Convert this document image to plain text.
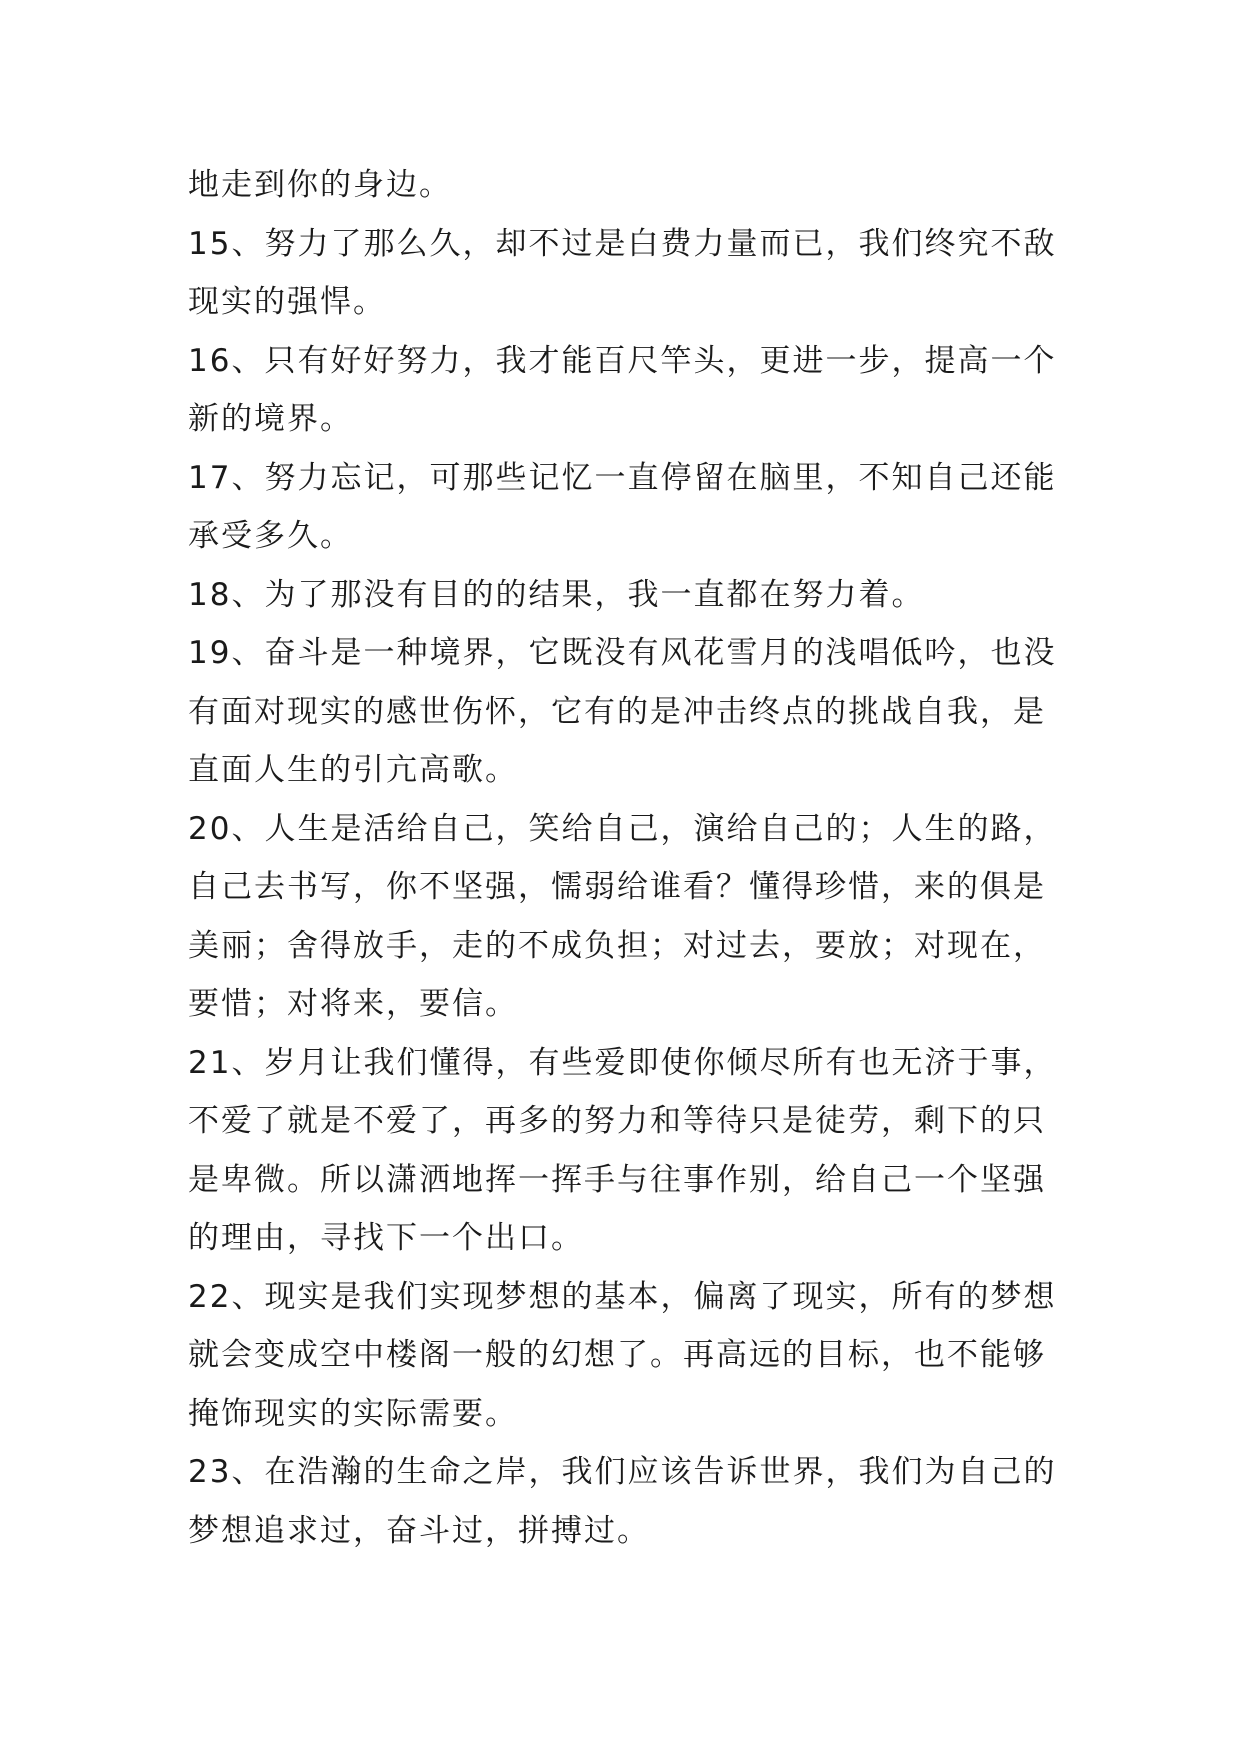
地走到你的身边。
15、努力了那么久，却不过是白费力量而已，我们终究不敌
现实的强悍。
16、只有好好努力，我才能百尺竿头，更进一步，提高一个
新的境界。
17、努力忘记，可那些记忆一直停留在脑里，不知自己还能
承受多久。
18、为了那没有目的的结果，我一直都在努力着。
19、奋斗是一种境界，它既没有风花雪月的浅唱低吟，也没
有面对现实的感世伤怀，它有的是冲击终点的挑战自我，是
直面人生的引亢高歌。
20、人生是活给自己，笑给自己，演给自己的；人生的路，
自己去书写，你不坚强，懦弱给谁看？懂得珍惜，来的俱是
美丽；舍得放手，走的不成负担；对过去，要放；对现在，
要惜；对将来，要信。
21、岁月让我们懂得，有些爱即使你倾尽所有也无济于事，
不爱了就是不爱了，再多的努力和等待只是徒劳，剩下的只
是卑微。所以潇洒地挥一挥手与往事作别，给自己一个坚强
的理由，寻找下一个出口。
22、现实是我们实现梦想的基本，偏离了现实，所有的梦想
就会变成空中楼阁一般的幻想了。再高远的目标，也不能够
掩饰现实的实际需要。
23、在浩瀚的生命之岸，我们应该告诉世界，我们为自己的
梦想追求过，奋斗过，拼搏过。
